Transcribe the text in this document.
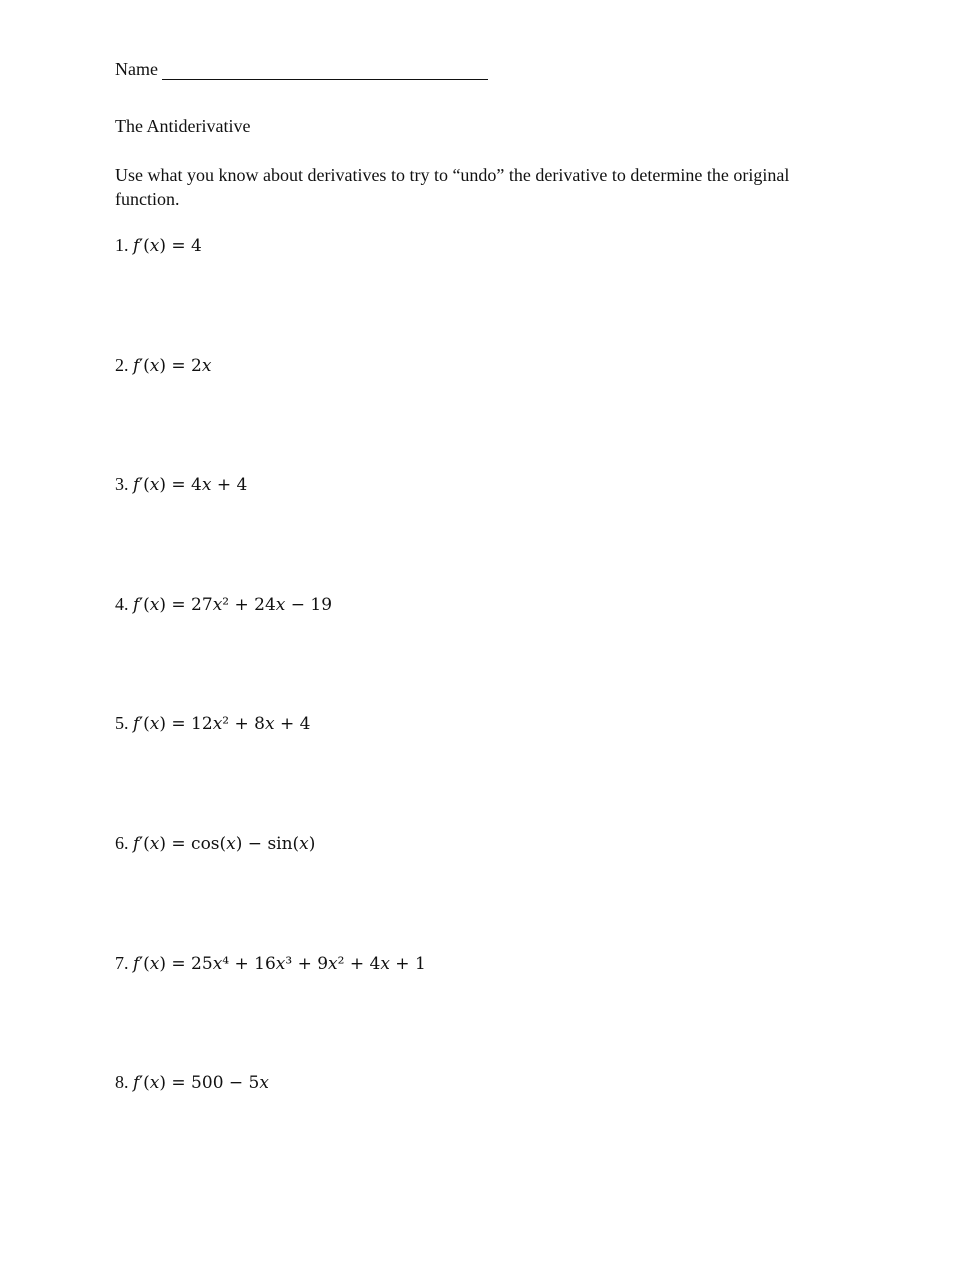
Name
The Antiderivative
Use what you know about derivatives to try to “undo” the derivative to determine the original function.
1. 𝑓′(𝑥) = 4
2. 𝑓′(𝑥) = 2𝑥
3. 𝑓′(𝑥) = 4𝑥 + 4
4. 𝑓′(𝑥) = 27𝑥² + 24𝑥 − 19
5. 𝑓′(𝑥) = 12𝑥² + 8𝑥 + 4
6. 𝑓′(𝑥) = cos(𝑥) − sin(𝑥)
7. 𝑓′(𝑥) = 25𝑥⁴ + 16𝑥³ + 9𝑥² + 4𝑥 + 1
8. 𝑓′(𝑥) = 500 − 5𝑥
